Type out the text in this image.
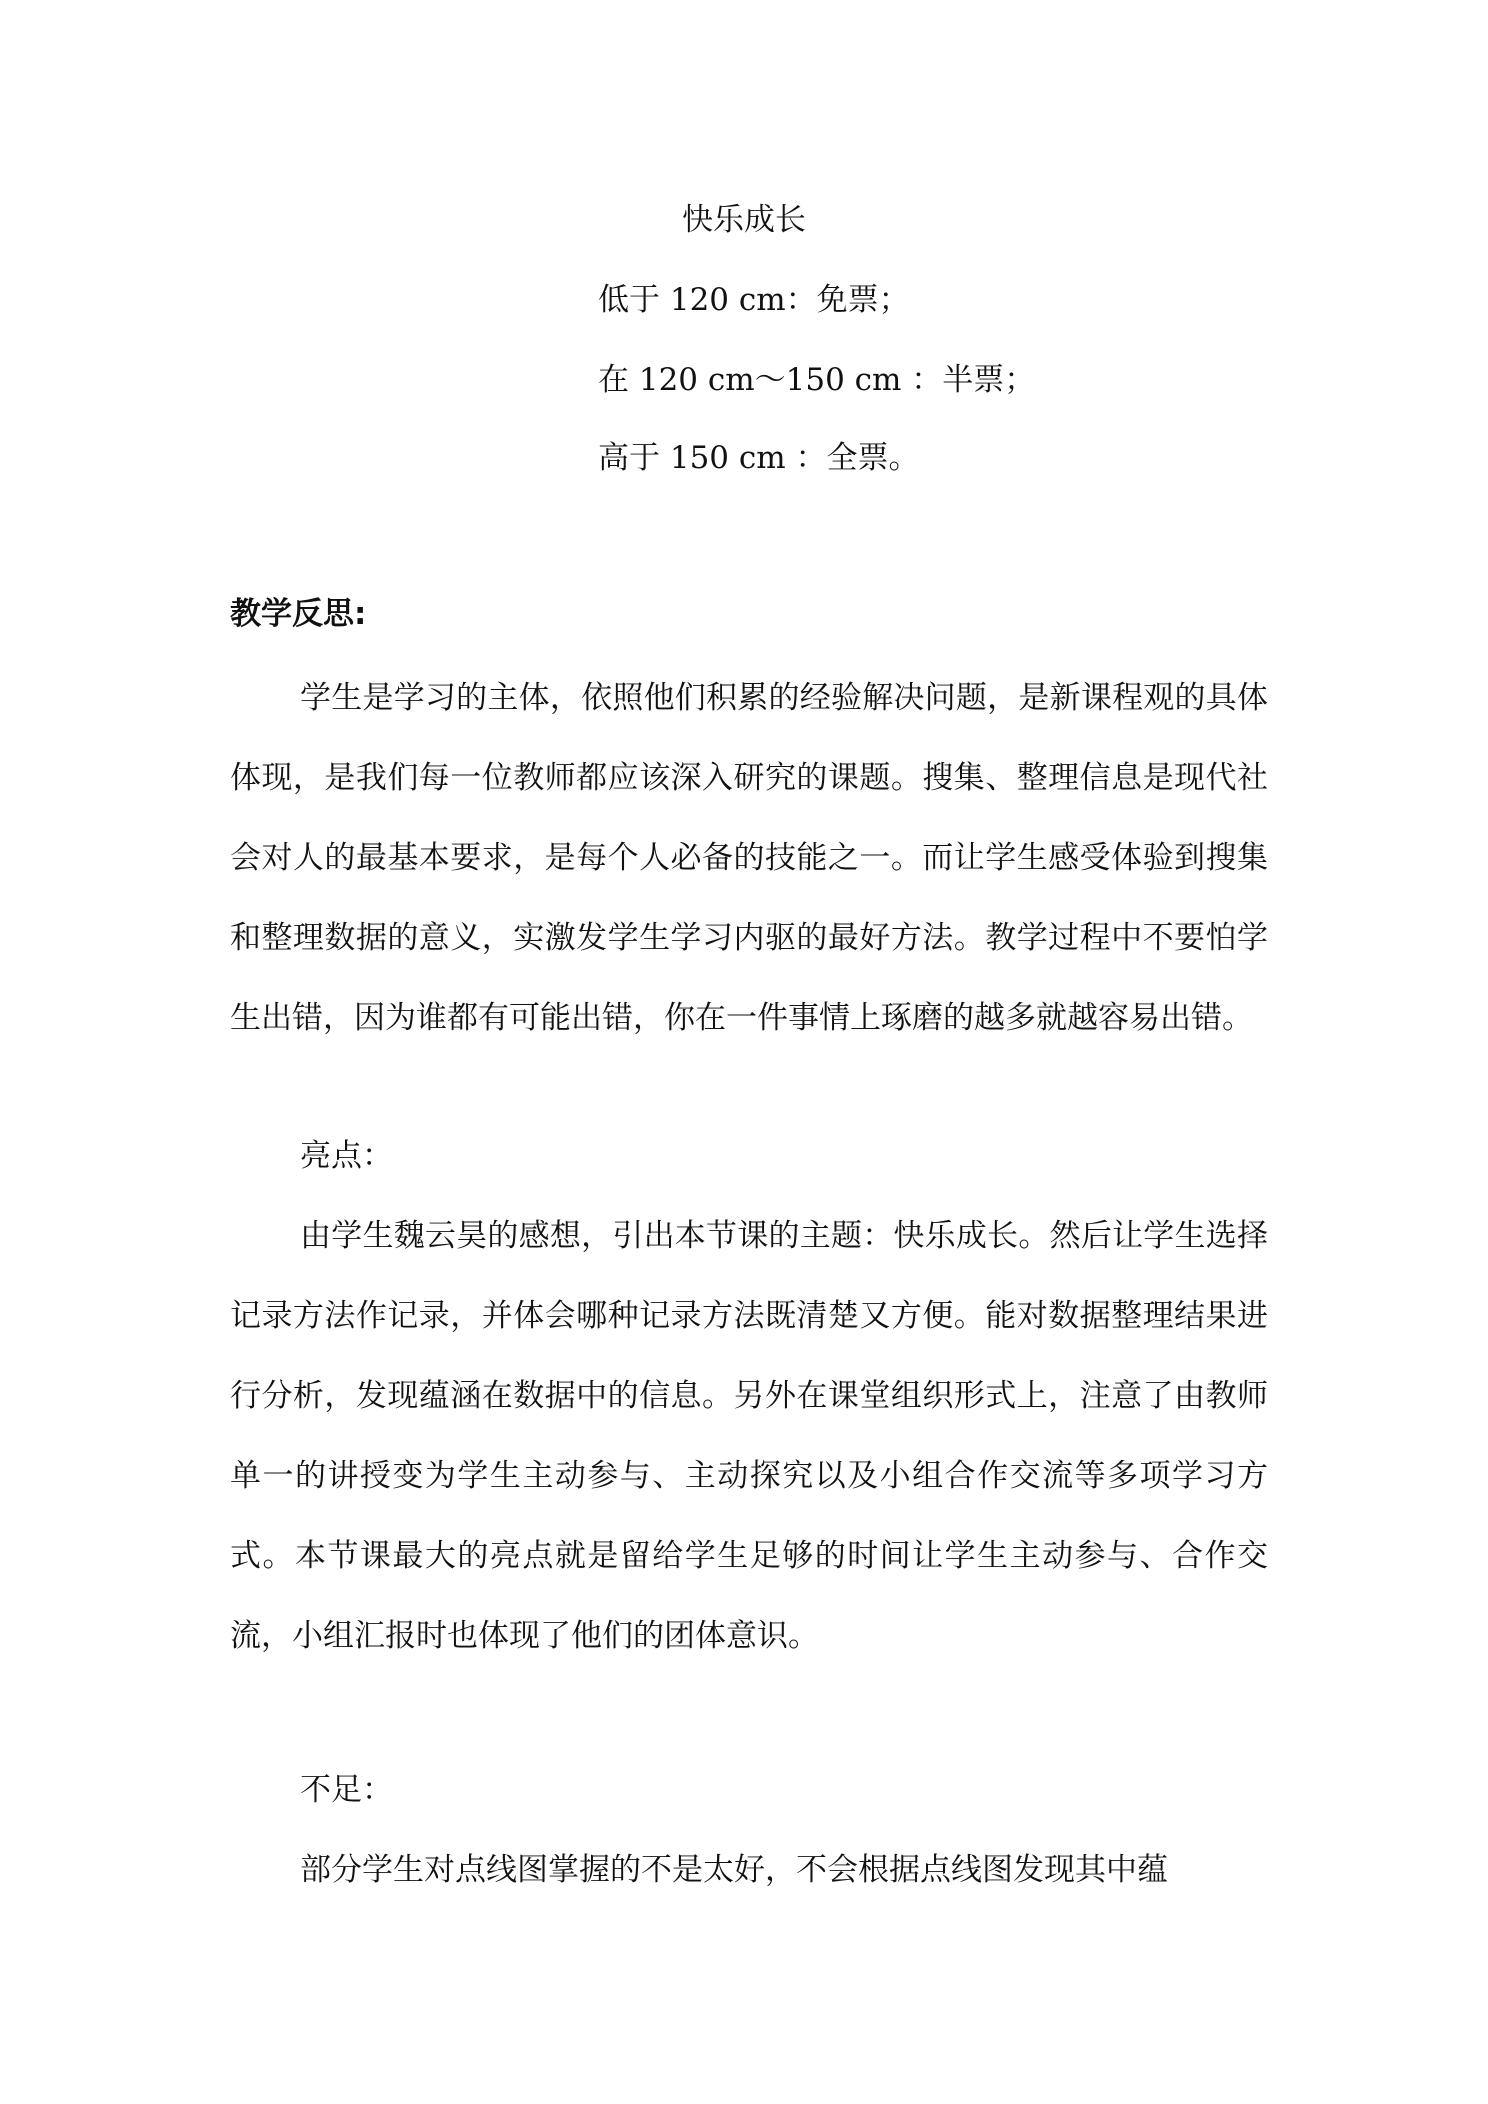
快乐成长
低于 120 cm：免票；
在 120 cm～150 cm ：半票；
高于 150 cm ：全票。
教学反思:

学生是学习的主体，依照他们积累的经验解决问题，是新课程观的具体体现，是我们每一位教师都应该深入研究的课题。搜集、整理信息是现代社会对人的最基本要求，是每个人必备的技能之一。而让学生感受体验到搜集和整理数据的意义，实激发学生学习内驱的最好方法。教学过程中不要怕学生出错，因为谁都有可能出错，你在一件事情上琢磨的越多就越容易出错。

亮点：

由学生魏云昊的感想，引出本节课的主题：快乐成长。然后让学生选择记录方法作记录，并体会哪种记录方法既清楚又方便。能对数据整理结果进行分析，发现蕴涵在数据中的信息。另外在课堂组织形式上，注意了由教师单一的讲授变为学生主动参与、主动探究以及小组合作交流等多项学习方式。本节课最大的亮点就是留给学生足够的时间让学生主动参与、合作交流，小组汇报时也体现了他们的团体意识。

不足：

部分学生对点线图掌握的不是太好，不会根据点线图发现其中蕴
